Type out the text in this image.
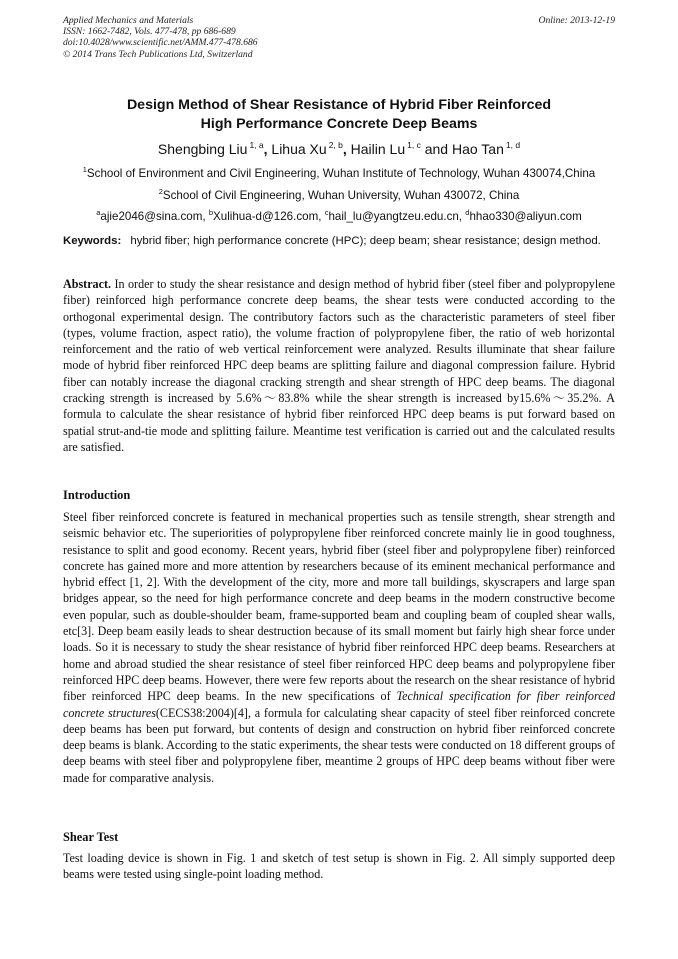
Applied Mechanics and Materials	Online: 2013-12-19
ISSN: 1662-7482, Vols. 477-478, pp 686-689
doi:10.4028/www.scientific.net/AMM.477-478.686
© 2014 Trans Tech Publications Ltd, Switzerland
Design Method of Shear Resistance of Hybrid Fiber Reinforced
High Performance Concrete Deep Beams
Shengbing Liu $^{1, a}$, Lihua Xu $^{2, b}$, Hailin Lu $^{1, c}$ and Hao Tan $^{1, d}$
$^1$School of Environment and Civil Engineering, Wuhan Institute of Technology, Wuhan 430074,China
$^2$School of Civil Engineering, Wuhan University, Wuhan 430072, China
$^a$ajie2046@sina.com, $^b$Xulihua-d@126.com, $^c$hail_lu@yangtzeu.edu.cn, $^d$hhao330@aliyun.com
Keywords: hybrid fiber; high performance concrete (HPC); deep beam; shear resistance; design method.
Abstract. In order to study the shear resistance and design method of hybrid fiber (steel fiber and polypropylene fiber) reinforced high performance concrete deep beams, the shear tests were conducted according to the orthogonal experimental design. The contributory factors such as the characteristic parameters of steel fiber (types, volume fraction, aspect ratio), the volume fraction of polypropylene fiber, the ratio of web horizontal reinforcement and the ratio of web vertical reinforcement were analyzed. Results illuminate that shear failure mode of hybrid fiber reinforced HPC deep beams are splitting failure and diagonal compression failure. Hybrid fiber can notably increase the diagonal cracking strength and shear strength of HPC deep beams. The diagonal cracking strength is increased by 5.6%～83.8% while the shear strength is increased by15.6%～35.2%. A formula to calculate the shear resistance of hybrid fiber reinforced HPC deep beams is put forward based on spatial strut-and-tie mode and splitting failure. Meantime test verification is carried out and the calculated results are satisfied.
Introduction
Steel fiber reinforced concrete is featured in mechanical properties such as tensile strength, shear strength and seismic behavior etc. The superiorities of polypropylene fiber reinforced concrete mainly lie in good toughness, resistance to split and good economy. Recent years, hybrid fiber (steel fiber and polypropylene fiber) reinforced concrete has gained more and more attention by researchers because of its eminent mechanical performance and hybrid effect [1, 2]. With the development of the city, more and more tall buildings, skyscrapers and large span bridges appear, so the need for high performance concrete and deep beams in the modern constructive become even popular, such as double-shoulder beam, frame-supported beam and coupling beam of coupled shear walls, etc[3]. Deep beam easily leads to shear destruction because of its small moment but fairly high shear force under loads. So it is necessary to study the shear resistance of hybrid fiber reinforced HPC deep beams. Researchers at home and abroad studied the shear resistance of steel fiber reinforced HPC deep beams and polypropylene fiber reinforced HPC deep beams. However, there were few reports about the research on the shear resistance of hybrid fiber reinforced HPC deep beams. In the new specifications of Technical specification for fiber reinforced concrete structures(CECS38:2004)[4], a formula for calculating shear capacity of steel fiber reinforced concrete deep beams has been put forward, but contents of design and construction on hybrid fiber reinforced concrete deep beams is blank. According to the static experiments, the shear tests were conducted on 18 different groups of deep beams with steel fiber and polypropylene fiber, meantime 2 groups of HPC deep beams without fiber were made for comparative analysis.
Shear Test
Test loading device is shown in Fig. 1 and sketch of test setup is shown in Fig. 2. All simply supported deep beams were tested using single-point loading method.
